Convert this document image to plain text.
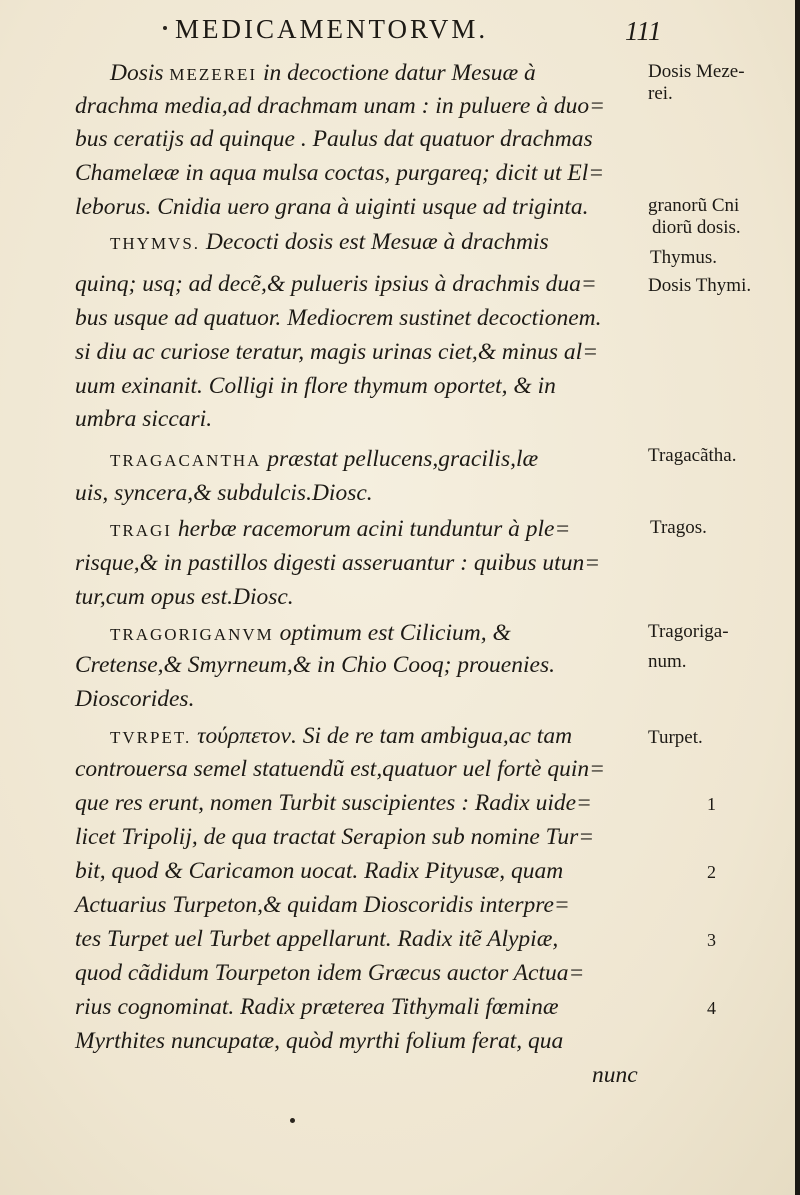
MEDICAMENTORVM.	111
Dosis MEZEREI in decoctione datur Mesuæ à
drachma media,ad drachmam unam : in puluere à duo=
bus ceratijs ad quinque . Paulus dat quatuor drachmas
Chamelææ in aqua mulsa coctas, purgareq; dicit ut El=
leborus. Cnidia uero grana à uiginti usque ad triginta.
THYMVS. Decocti dosis est Mesuæ à drachmis
quinq; usq; ad decẽ,& pulueris ipsius à drachmis dua=
bus usque ad quatuor. Mediocrem sustinet decoctionem.
si diu ac curiose teratur, magis urinas ciet,& minus al=
uum exinanit. Colligi in flore thymum oportet, & in
umbra siccari.
TRAGACANTHA præstat pellucens,gracilis,læ
uis, syncera,& subdulcis.Diosc.
TRAGI herbæ racemorum acini tunduntur à ple=
risque,& in pastillos digesti asseruantur : quibus utun=
tur,cum opus est.Diosc.
TRAGORIGANVM optimum est Cilicium, &
Cretense,& Smyrneum,& in Chio Cooq; prouenies.
Dioscorides.
TVRPET. τούρπετον. Si de re tam ambigua,ac tam
controuersa semel statuendũ est,quatuor uel fortè quin=
que res erunt, nomen Turbit suscipientes : Radix uide=
licet Tripolij, de qua tractat Serapion sub nomine Tur=
bit, quod & Caricamon uocat. Radix Pityusæ, quam
Actuarius Turpeton,& quidam Dioscoridis interpre=
tes Turpet uel Turbet appellarunt. Radix itẽ Alypiæ,
quod cãdidum Tourpeton idem Græcus auctor Actua=
rius cognominat. Radix præterea Tithymali fœminæ
Myrthites nuncupatæ, quòd myrthi folium ferat, qua
nunc
Dosis Meze-
rei.
granorũ Cni
diorũ dosis.
Thymus.
Dosis Thymi.
Tragacãtha.
Tragos.
Tragoriga-
num.
Turpet.
1
2
3
4
